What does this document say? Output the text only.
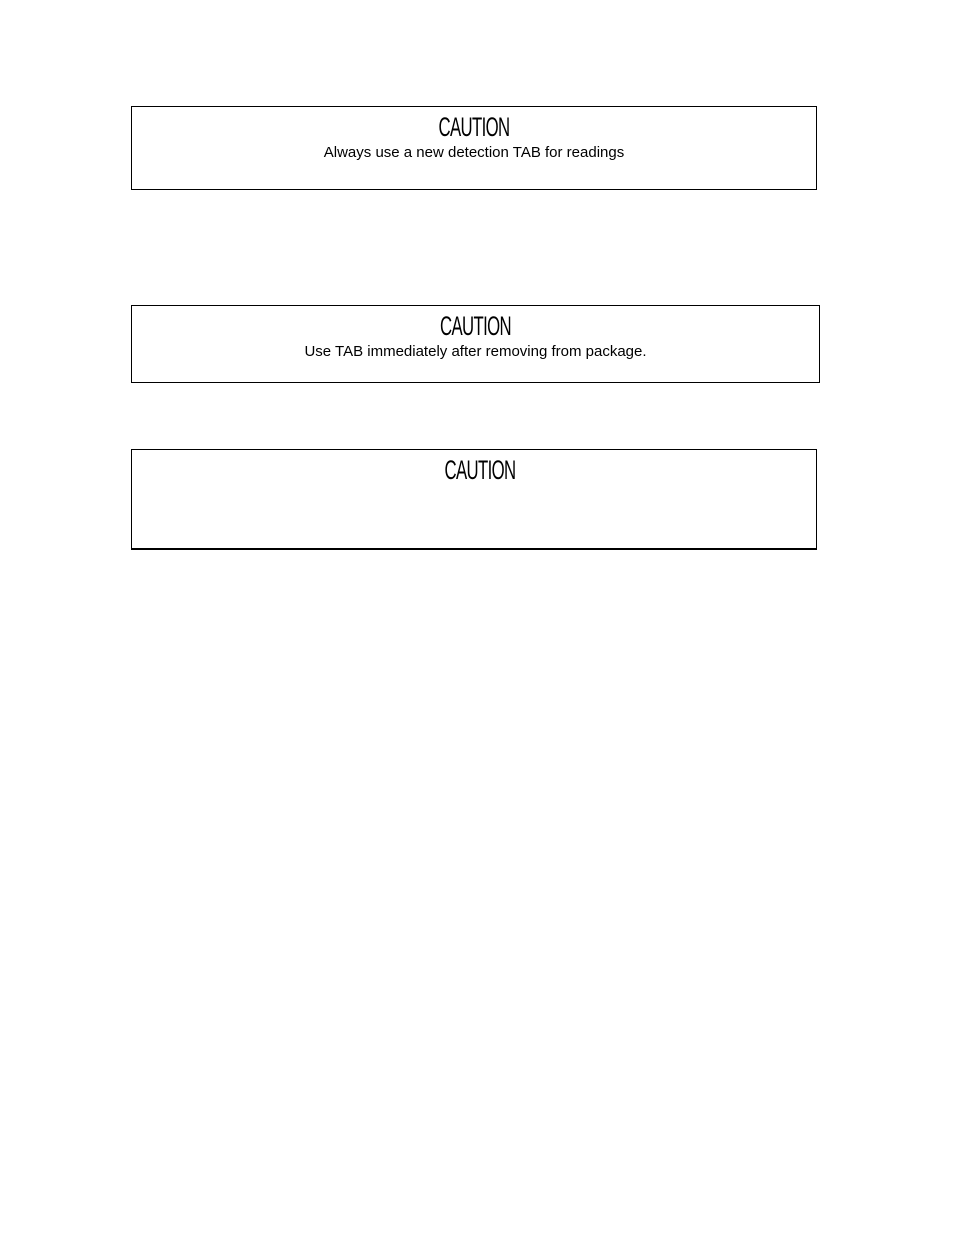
CAUTION
Always use a new detection TAB for readings
CAUTION
Use TAB immediately after removing from package.
CAUTION
